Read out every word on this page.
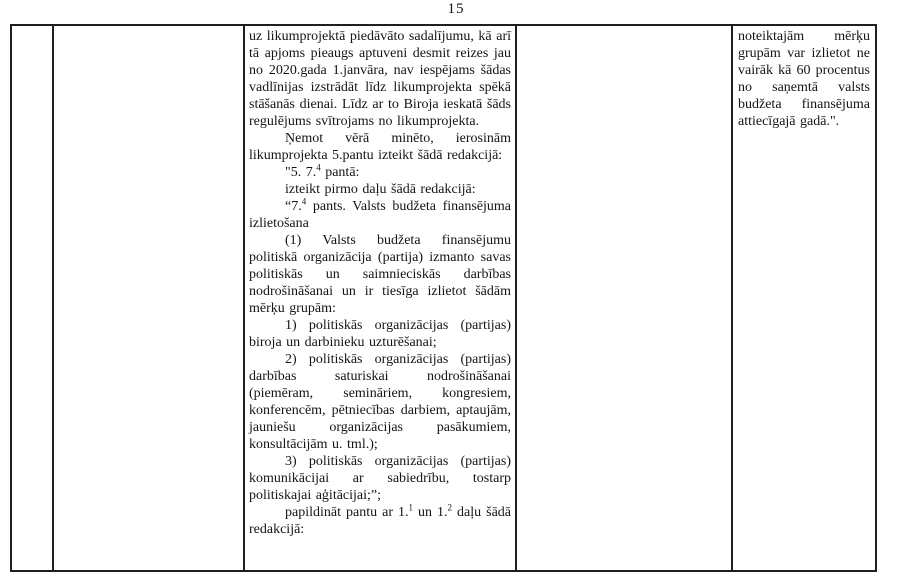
15

uz likumprojektā piedāvāto sadalījumu, kā arī tā apjoms pieaugs aptuveni desmit reizes jau no 2020.gada 1.janvāra, nav iespējams šādas vadlīnijas izstrādāt līdz likumprojekta spēkā stāšanās dienai. Līdz ar to Biroja ieskatā šāds regulējums svītrojams no likumprojekta.

Ņemot vērā minēto, ierosinām likumprojekta 5.pantu izteikt šādā redakcijā:

"5. 7.$^4$ pantā:

izteikt pirmo daļu šādā redakcijā:

“7.$^4$ pants. Valsts budžeta finansējuma izlietošana

(1) Valsts budžeta finansējumu politiskā organizācija (partija) izmanto savas politiskās un saimnieciskās darbības nodrošināšanai un ir tiesīga izlietot šādām mērķu grupām:

1) politiskās organizācijas (partijas) biroja un darbinieku uzturēšanai;

2) politiskās organizācijas (partijas) darbības saturiskai nodrošināšanai (piemēram, semināriem, kongresiem, konferencēm, pētniecības darbiem, aptaujām, jauniešu organizācijas pasākumiem, konsultācijām u. tml.);

3) politiskās organizācijas (partijas) komunikācijai ar sabiedrību, tostarp politiskajai aģitācijai;”;

papildināt pantu ar 1.$^1$ un 1.$^2$ daļu šādā redakcijā:

noteiktajām mērķu grupām var izlietot ne vairāk kā 60 procentus no saņemtā valsts budžeta finansējuma attiecīgajā gadā.".
